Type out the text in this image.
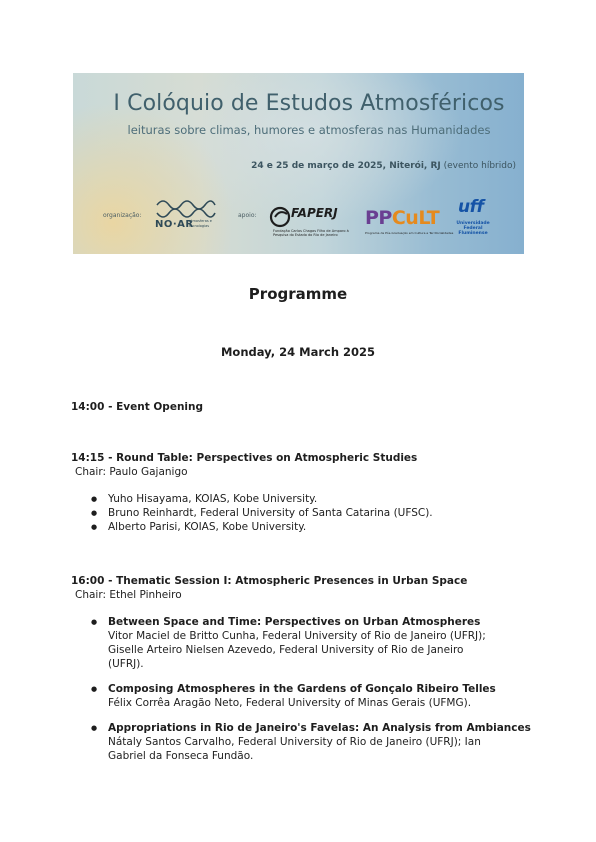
I Colóquio de Estudos Atmosféricos
leituras sobre climas, humores e atmosferas nas Humanidades
24 e 25 de março de 2025, Niterói, RJ (evento híbrido)
organização:
NO·AR
atmosferas e tecnologias
apoio:	FAPERJ
Fundação Carlos Chagas Filho de Amparo à Pesquisa do Estado do Rio de Janeiro
PPCuLT
Programa de Pós-Graduação em Cultura e Territorialidades
uff
Universidade Federal Fluminense
Programme
Monday, 24 March 2025
14:00 - Event Opening
14:15 - Round Table: Perspectives on Atmospheric Studies
Chair: Paulo Gajanigo
● Yuho Hisayama, KOIAS, Kobe University.
● Bruno Reinhardt, Federal University of Santa Catarina (UFSC).
● Alberto Parisi, KOIAS, Kobe University.
16:00 - Thematic Session I: Atmospheric Presences in Urban Space
Chair: Ethel Pinheiro
● Between Space and Time: Perspectives on Urban Atmospheres
Vitor Maciel de Britto Cunha, Federal University of Rio de Janeiro (UFRJ);
Giselle Arteiro Nielsen Azevedo, Federal University of Rio de Janeiro
(UFRJ).
● Composing Atmospheres in the Gardens of Gonçalo Ribeiro Telles
Félix Corrêa Aragão Neto, Federal University of Minas Gerais (UFMG).
● Appropriations in Rio de Janeiro's Favelas: An Analysis from Ambiances
Nátaly Santos Carvalho, Federal University of Rio de Janeiro (UFRJ); Ian
Gabriel da Fonseca Fundão.
